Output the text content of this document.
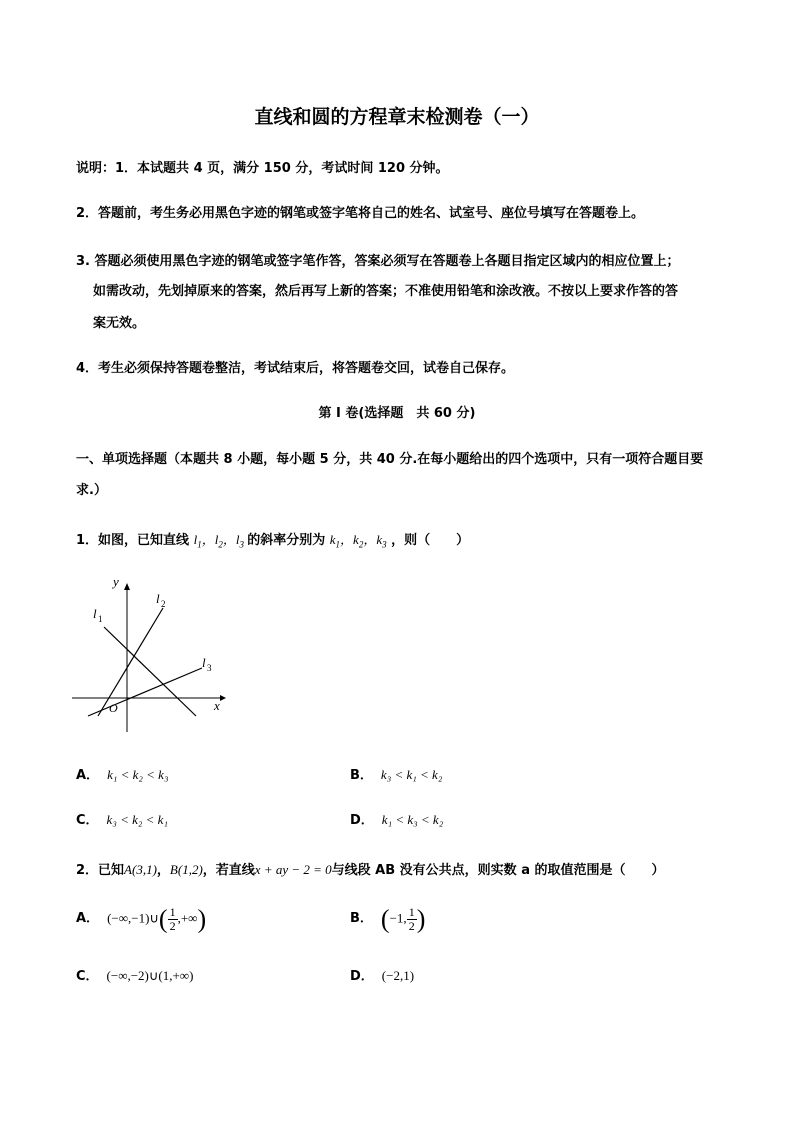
直线和圆的方程章末检测卷（一）
说明：1．本试题共 4 页，满分 150 分，考试时间 120 分钟。
2．答题前，考生务必用黑色字迹的钢笔或签字笔将自己的姓名、试室号、座位号填写在答题卷上。
3. 答题必须使用黑色字迹的钢笔或签字笔作答，答案必须写在答题卷上各题目指定区域内的相应位置上；
如需改动，先划掉原来的答案，然后再写上新的答案；不准使用铅笔和涂改液。不按以上要求作答的答
案无效。
4．考生必须保持答题卷整洁，考试结束后，将答题卷交回，试卷自己保存。
第 I 卷(选择题　共 60 分)
一、单项选择题（本题共 8 小题，每小题 5 分，共 40 分.在每小题给出的四个选项中，只有一项符合题目要
求.）
1．如图，已知直线 $l_1$，$l_2$，$l_3$ 的斜率分别为 $k_1$，$k_2$，$k_3$ ，则（　　）
y
x
O
l 1
l 2
l 3
A． k₁ < k₂ < k₃	B． k₃ < k₁ < k₂
C． k₃ < k₂ < k₁	D． k₁ < k₃ < k₂
2．已知A(3,1)，B(1,2)，若直线x + ay − 2 = 0与线段 AB 没有公共点，则实数 a 的取值范围是（　　）
A． (−∞,−1)∪( $\frac{1}{2}$ ,+∞)	B． (−1, $\frac{1}{2}$ )
C． (−∞,−2)∪(1,+∞)	D． (−2,1)
